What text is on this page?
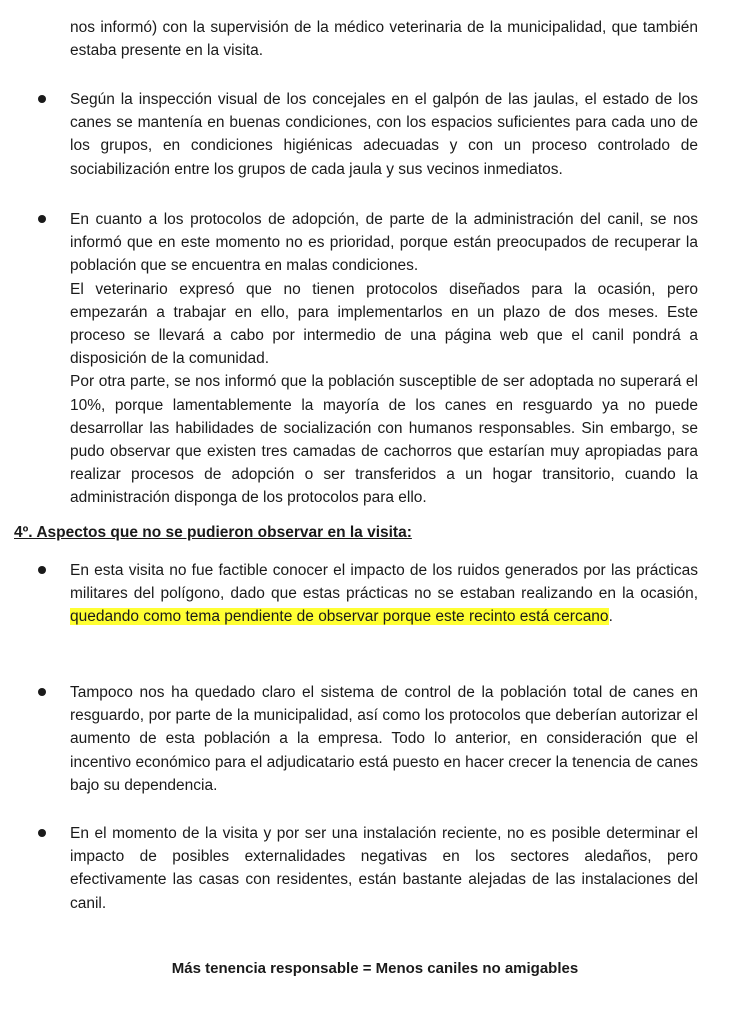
nos informó) con la supervisión de la médico veterinaria de la municipalidad, que también estaba presente en la visita.

Según la inspección visual de los concejales en el galpón de las jaulas, el estado de los canes se mantenía en buenas condiciones, con los espacios suficientes para cada uno de los grupos, en condiciones higiénicas adecuadas y con un proceso controlado de sociabilización entre los grupos de cada jaula y sus vecinos inmediatos.

En cuanto a los protocolos de adopción, de parte de la administración del canil, se nos informó que en este momento no es prioridad, porque están preocupados de recuperar la población que se encuentra en malas condiciones.

El veterinario expresó que no tienen protocolos diseñados para la ocasión, pero empezarán a trabajar en ello, para implementarlos en un plazo de dos meses. Este proceso se llevará a cabo por intermedio de una página web que el canil pondrá a disposición de la comunidad.

Por otra parte, se nos informó que la población susceptible de ser adoptada no superará el 10%, porque lamentablemente la mayoría de los canes en resguardo ya no puede desarrollar las habilidades de socialización con humanos responsables. Sin embargo, se pudo observar que existen tres camadas de cachorros que estarían muy apropiadas para realizar procesos de adopción o ser transferidos a un hogar transitorio, cuando la administración disponga de los protocolos para ello.

4º. Aspectos que no se pudieron observar en la visita:

En esta visita no fue factible conocer el impacto de los ruidos generados por las prácticas militares del polígono, dado que estas prácticas no se estaban realizando en la ocasión, quedando como tema pendiente de observar porque este recinto está cercano.

Tampoco nos ha quedado claro el sistema de control de la población total de canes en resguardo, por parte de la municipalidad, así como los protocolos que deberían autorizar el aumento de esta población a la empresa. Todo lo anterior, en consideración que el incentivo económico para el adjudicatario está puesto en hacer crecer la tenencia de canes bajo su dependencia.

En el momento de la visita y por ser una instalación reciente, no es posible determinar el impacto de posibles externalidades negativas en los sectores aledaños, pero efectivamente las casas con residentes, están bastante alejadas de las instalaciones del canil.

Más tenencia responsable = Menos caniles no amigables
